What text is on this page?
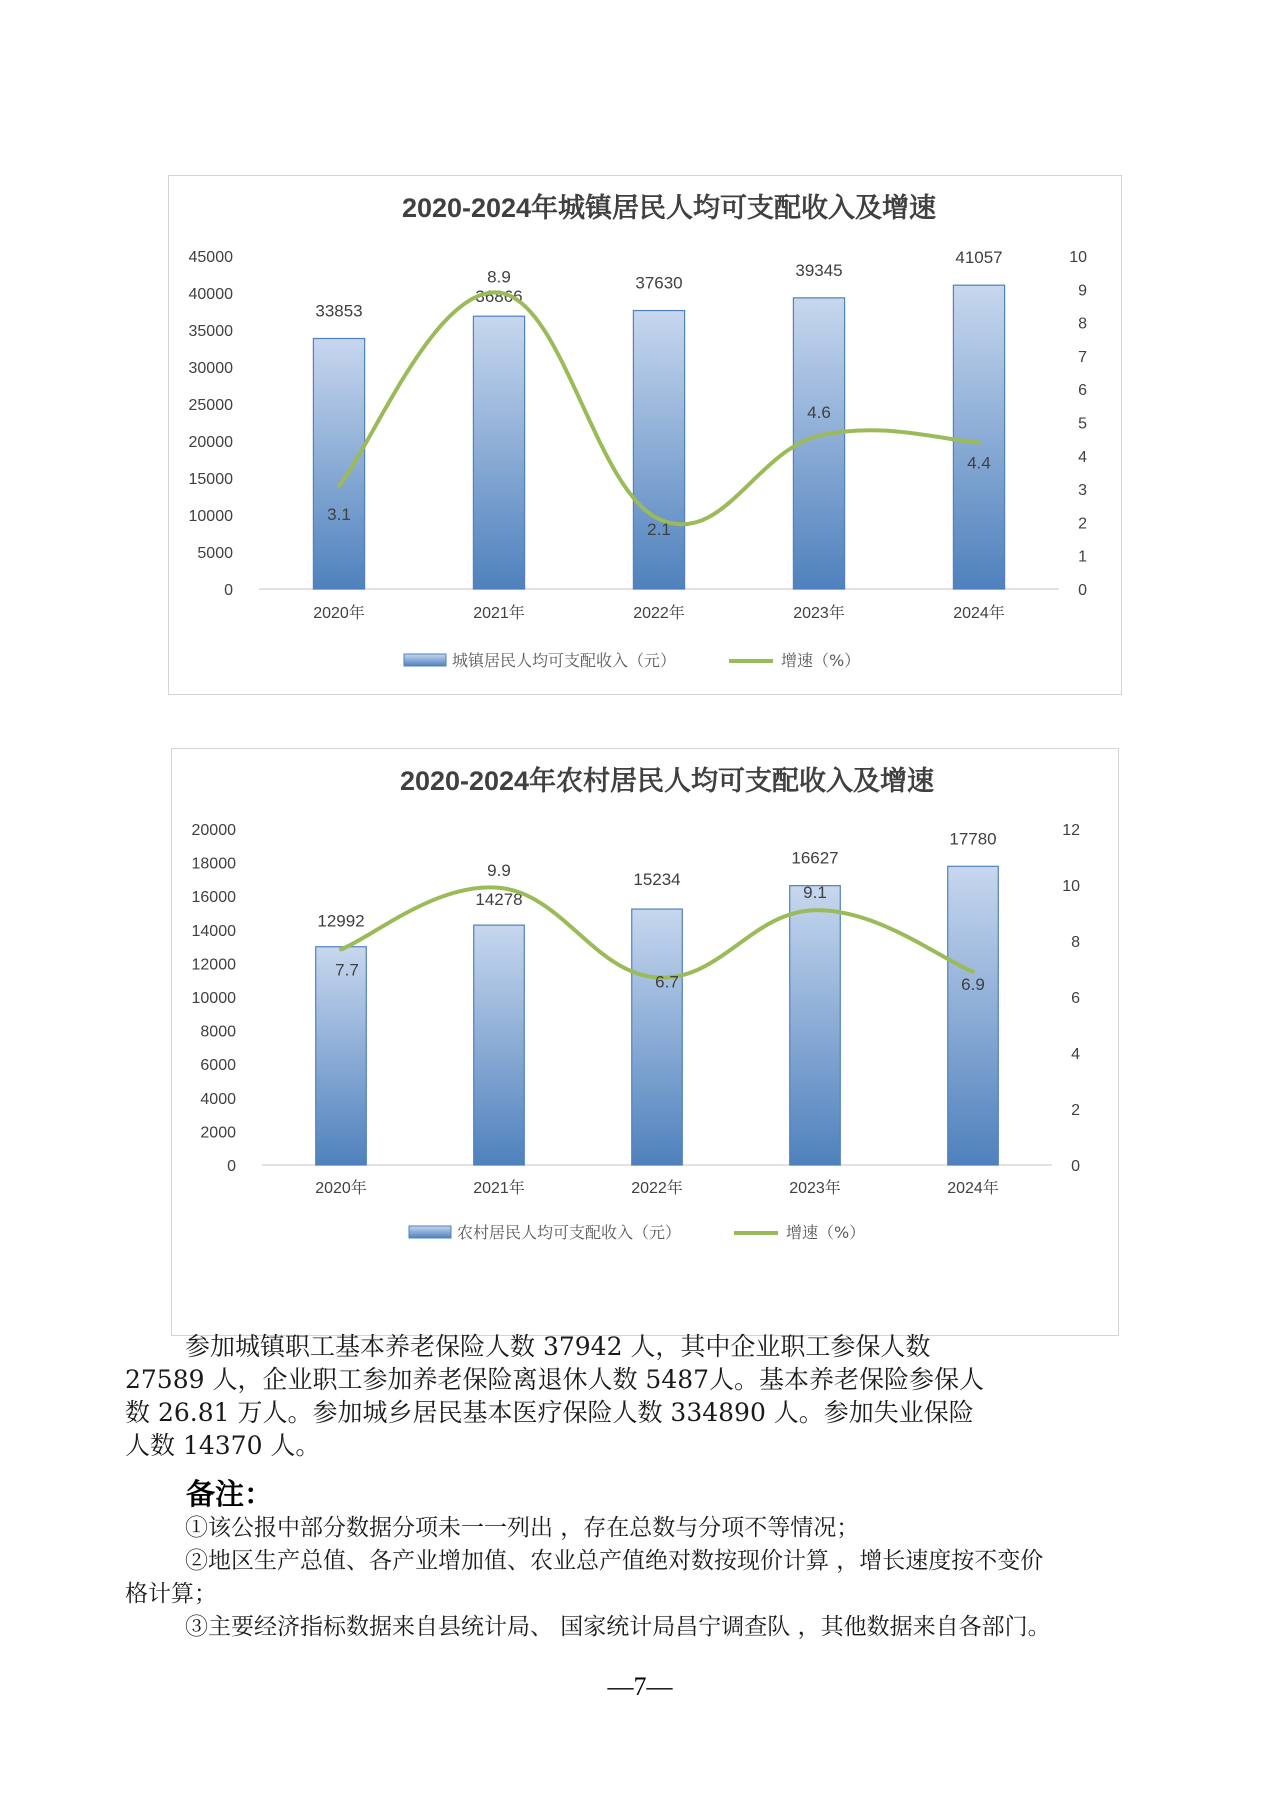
2020-2024年城镇居民人均可支配收入及增速
0
5000
10000
15000
20000
25000
30000
35000
40000
45000
0
1
2
3
4
5
6
7
8
9
10
33853
2020年
36866
2021年
37630
2022年
39345
2023年
41057
2024年
3.1
8.9
2.1
4.6
4.4
城镇居民人均可支配收入（元）	增速（%）
2020-2024年农村居民人均可支配收入及增速
0
2000
4000
6000
8000
10000
12000
14000
16000
18000
20000
0
2
4
6
8
10
12
12992
2020年
14278
2021年
15234
2022年
16627
2023年
17780
2024年
7.7
9.9
6.7
9.1
6.9
农村居民人均可支配收入（元）	增速（%）
参加城镇职工基本养老保险人数 37942 人，其中企业职工参保人数
27589 人，企业职工参加养老保险离退休人数 5487人。基本养老保险参保人
数 26.81 万人。参加城乡居民基本医疗保险人数 334890 人。参加失业保险
人数 14370 人。
备注：
①该公报中部分数据分项未一一列出 ，存在总数与分项不等情况；
②地区生产总值、各产业增加值、农业总产值绝对数按现价计算 ，增长速度按不变价
格计算；
③主要经济指标数据来自县统计局、 国家统计局昌宁调查队 ，其他数据来自各部门。
—7—
